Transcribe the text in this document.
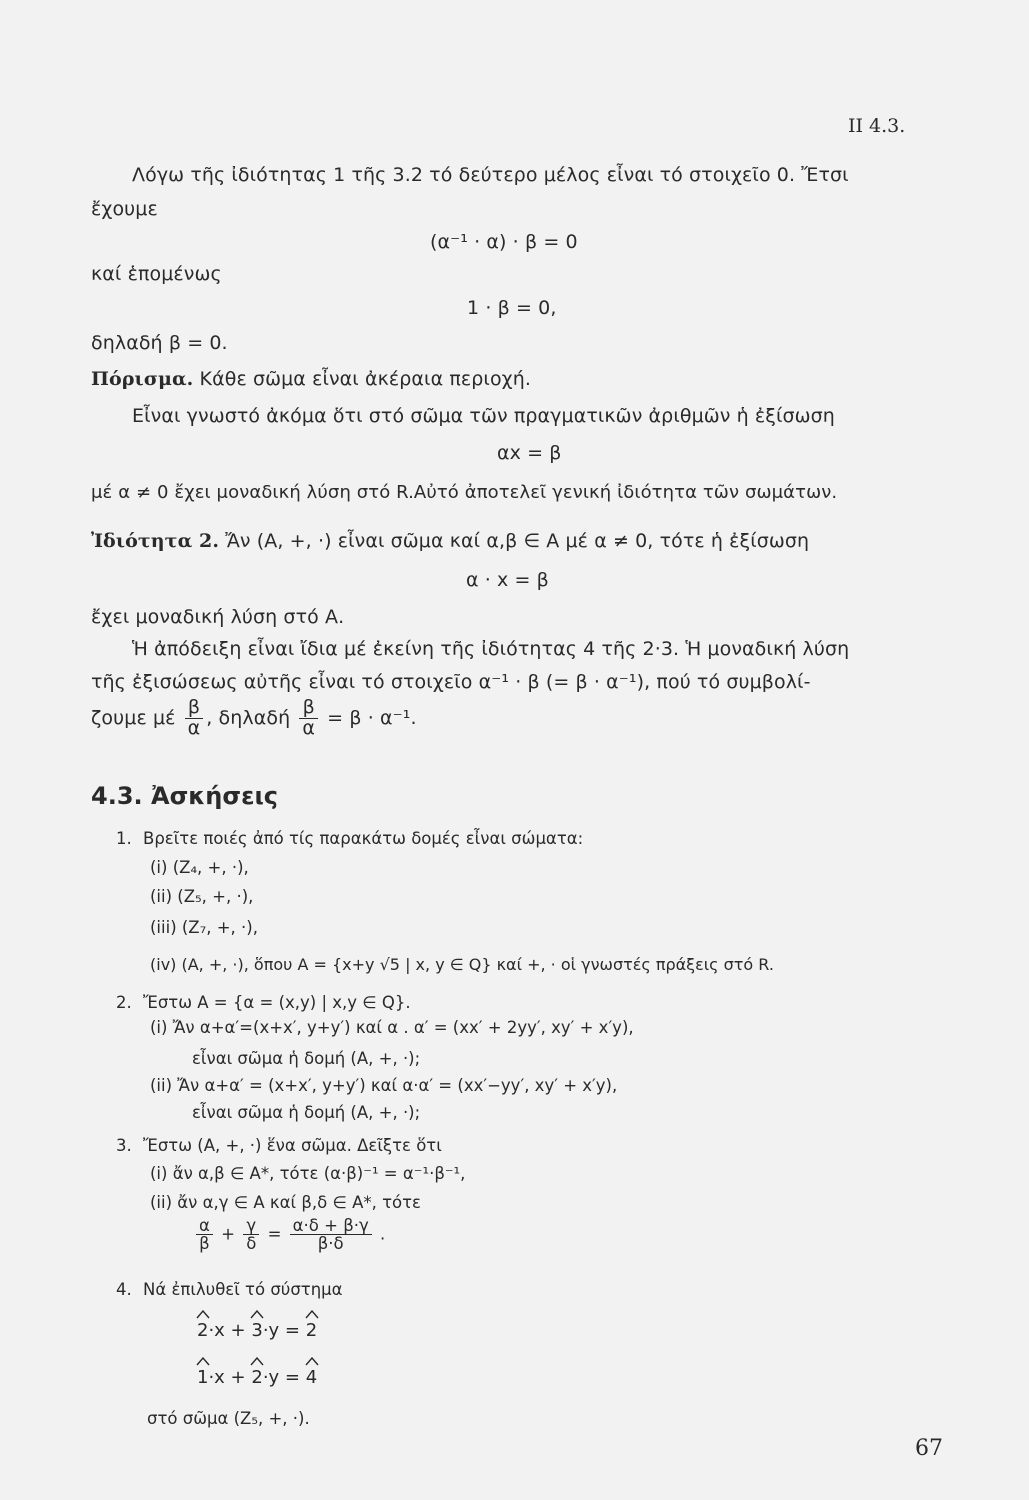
II 4.3.
Λόγω τῆς ἰδιότητας 1 τῆς 3.2 τό δεύτερο μέλος εἶναι τό στοιχεῖο 0. Ἔτσι
ἔχουμε
(α⁻¹ · α) · β = 0
καί ἑπομένως
1 · β = 0,
δηλαδή β = 0.
Πόρισμα. Κάθε σῶμα εἶναι ἀκέραια περιοχή.
Εἶναι γνωστό ἀκόμα ὅτι στό σῶμα τῶν πραγματικῶν ἀριθμῶν ἡ ἐξίσωση
αx = β
μέ α ≠ 0 ἔχει μοναδική λύση στό R.Αὐτό ἀποτελεῖ γενική ἰδιότητα τῶν σωμάτων.
Ἰδιότητα 2. Ἄν (Α, +, ·) εἶναι σῶμα καί α,β ∈ Α μέ α ≠ 0, τότε ἡ ἐξίσωση
α · x = β
ἔχει μοναδική λύση στό Α.
Ἡ ἀπόδειξη εἶναι ἴδια μέ ἐκείνη τῆς ἰδιότητας 4 τῆς 2·3. Ἡ μοναδική λύση
τῆς ἐξισώσεως αὐτῆς εἶναι τό στοιχεῖο α⁻¹ · β (= β · α⁻¹), πού τό συμβολί-
ζουμε μέ $\frac{\beta}{\alpha}$ , δηλαδή $\frac{\beta}{\alpha} = \beta \cdot \alpha^{-1}$.
4.3. Ἀσκήσεις
1. Βρεῖτε ποιές ἀπό τίς παρακάτω δομές εἶναι σώματα:
(i) (Z₄, +, ·),
(ii) (Z₅, +, ·),
(iii) (Z₇, +, ·),
(iv) (Α, +, ·), ὅπου Α = {x+y √5 | x, y ∈ Q} καί +, · οἱ γνωστές πράξεις στό R.
2. Ἔστω Α = {α = (x,y) | x,y ∈ Q}.
(i) Ἄν α+α′=(x+x′, y+y′) καί α . α′ = (xx′ + 2yy′, xy′ + x′y),
εἶναι σῶμα ἡ δομή (Α, +, ·);
(ii) Ἄν α+α′ = (x+x′, y+y′) καί α·α′ = (xx′−yy′, xy′ + x′y),
εἶναι σῶμα ἡ δομή (Α, +, ·);
3. Ἔστω (Α, +, ·) ἕνα σῶμα. Δεῖξτε ὅτι
(i) ἄν α,β ∈ Α*, τότε (α·β)⁻¹ = α⁻¹·β⁻¹,
(ii) ἄν α,γ ∈ Α καί β,δ ∈ Α*, τότε
$\frac{\alpha}{\beta} + \frac{\gamma}{\delta} = \frac{\alpha\cdot\delta + \beta\cdot\gamma}{\beta\cdot\delta}$ .
4. Νά ἐπιλυθεῖ τό σύστημα
2·x +
3·y =
2
1·x +
2·y =
4
στό σῶμα (Z₅, +, ·).
67
